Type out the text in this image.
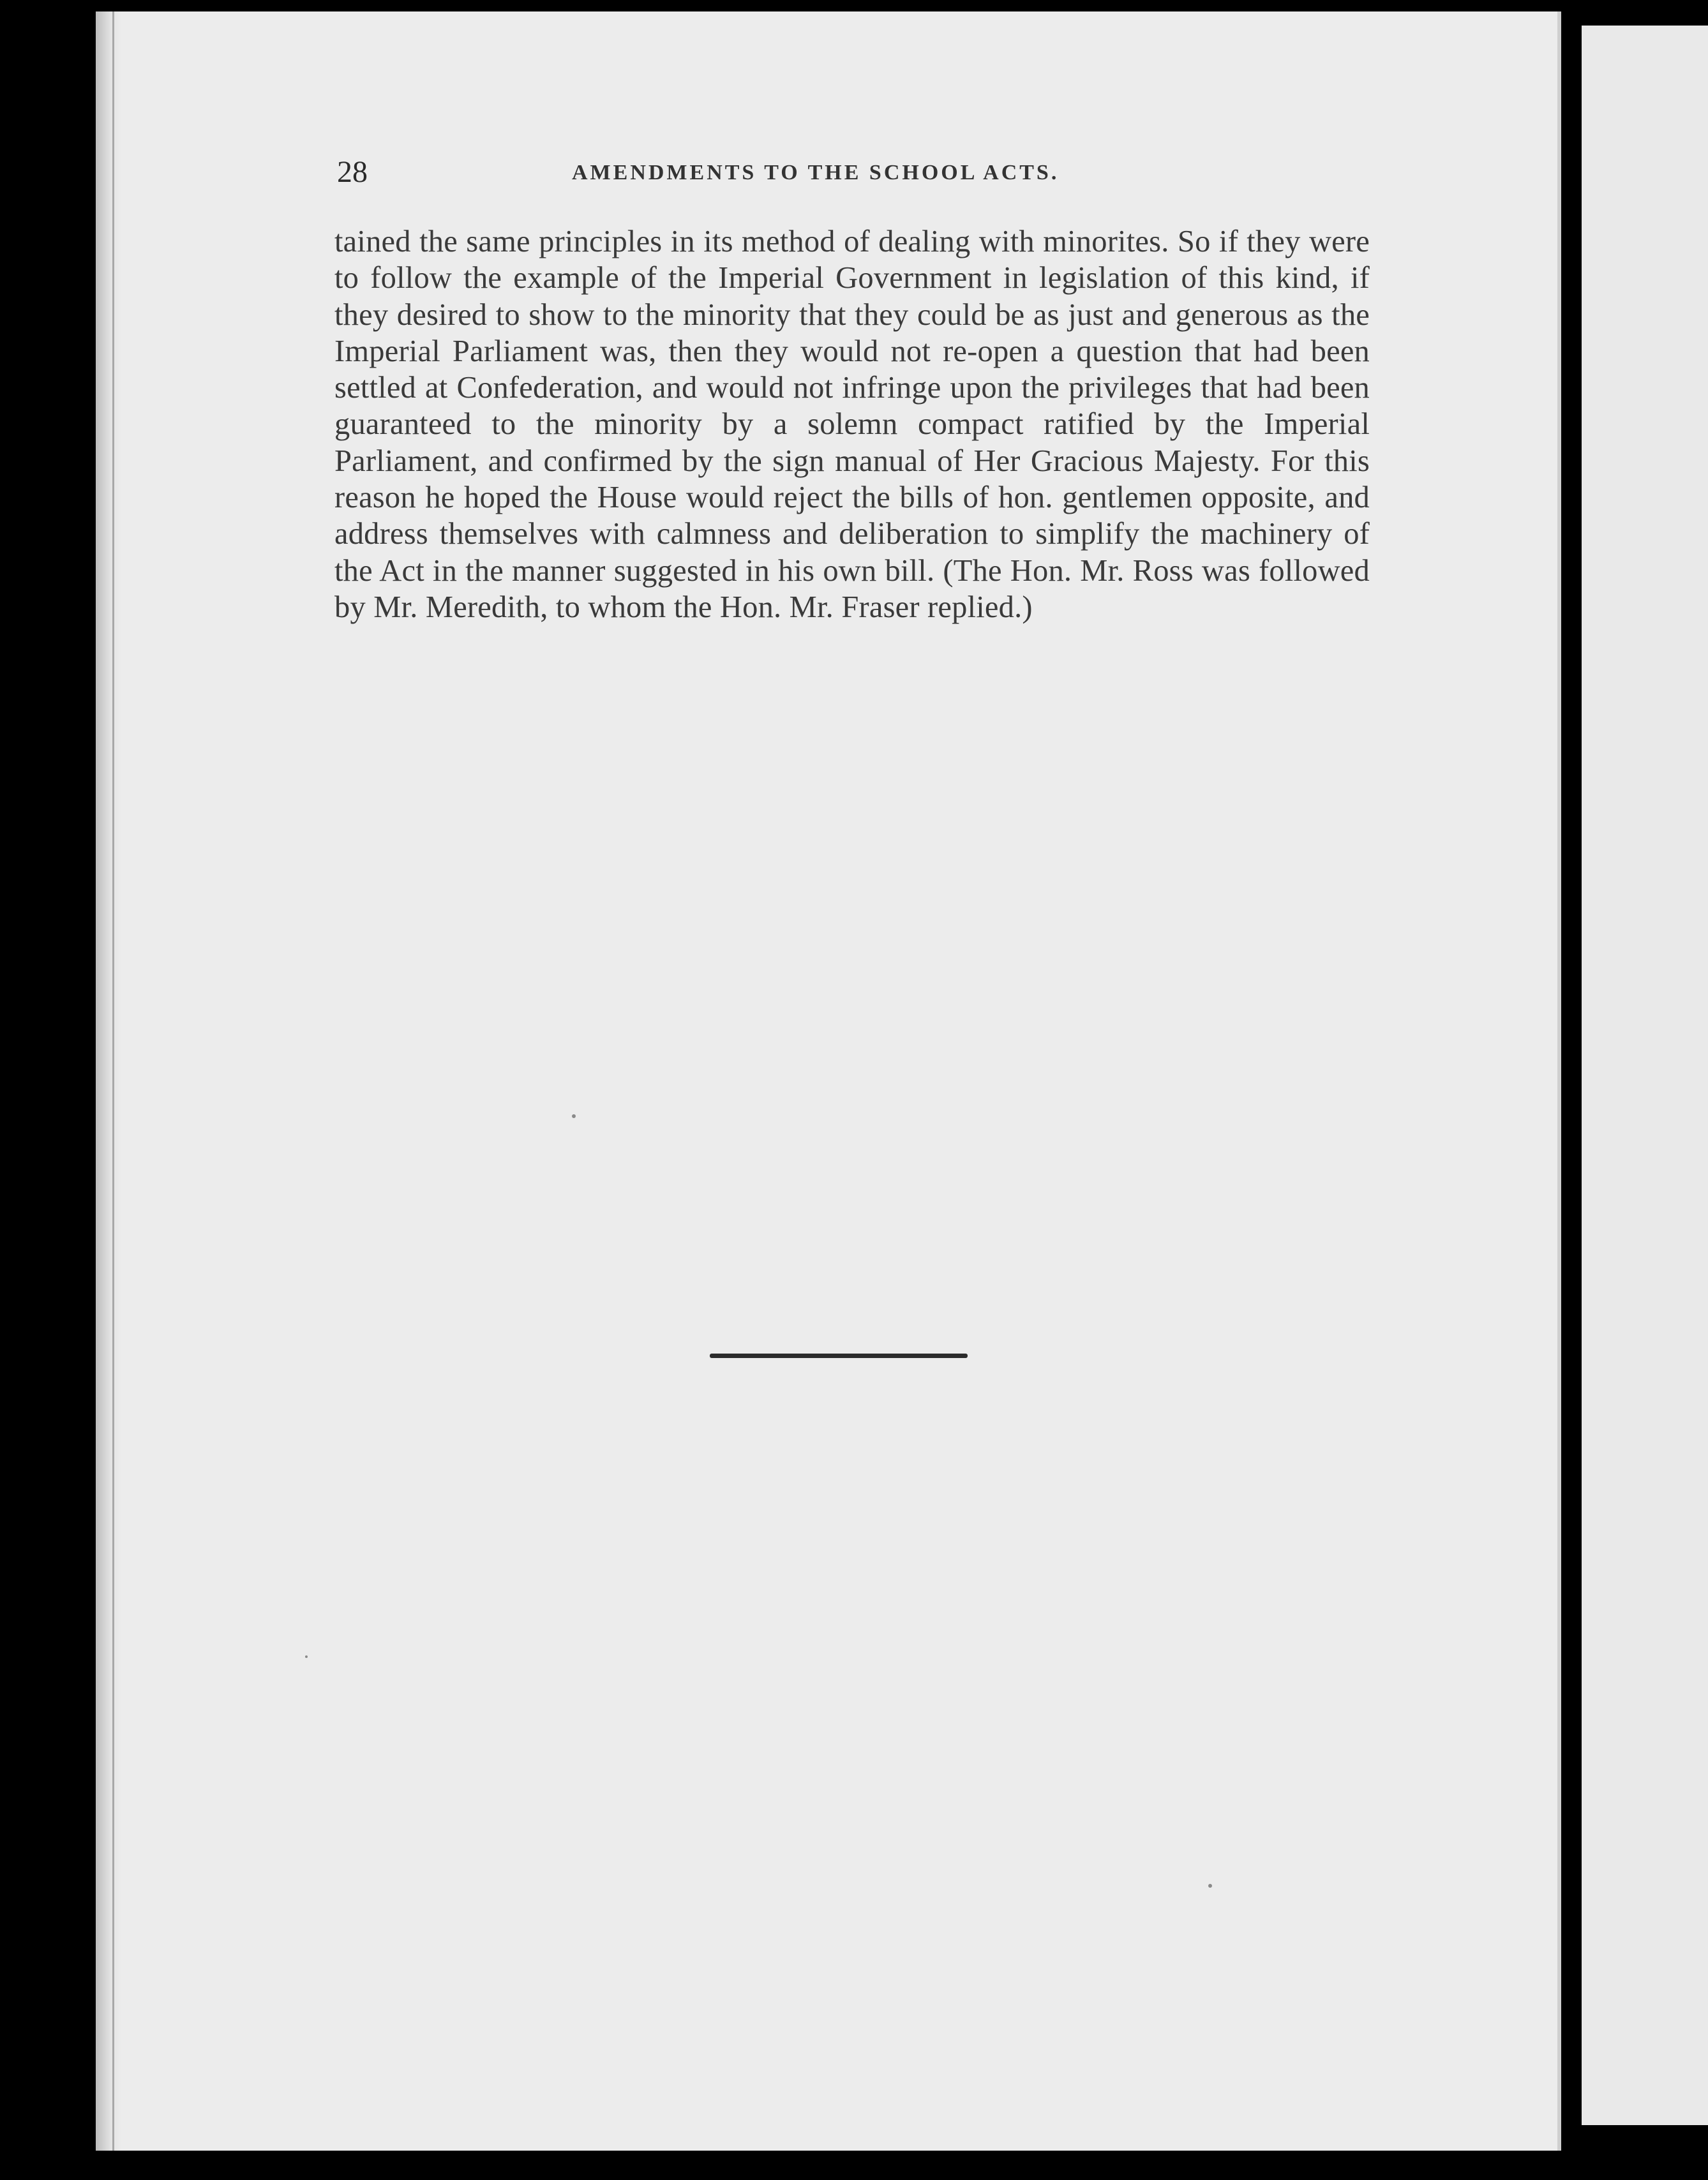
28	AMENDMENTS TO THE SCHOOL ACTS.

tained the same principles in its method of dealing with minorites. So if they were to follow the example of the Imperial Government in legislation of this kind, if they desired to show to the minority that they could be as just and generous as the Imperial Parliament was, then they would not re-open a question that had been settled at Confederation, and would not infringe upon the privileges that had been guaranteed to the minority by a solemn compact ratified by the Imperial Parliament, and confirmed by the sign manual of Her Gracious Majesty. For this reason he hoped the House would reject the bills of hon. gentlemen opposite, and address themselves with calmness and deliberation to simplify the machinery of the Act in the manner suggested in his own bill. (The Hon. Mr. Ross was followed by Mr. Meredith, to whom the Hon. Mr. Fraser replied.)
